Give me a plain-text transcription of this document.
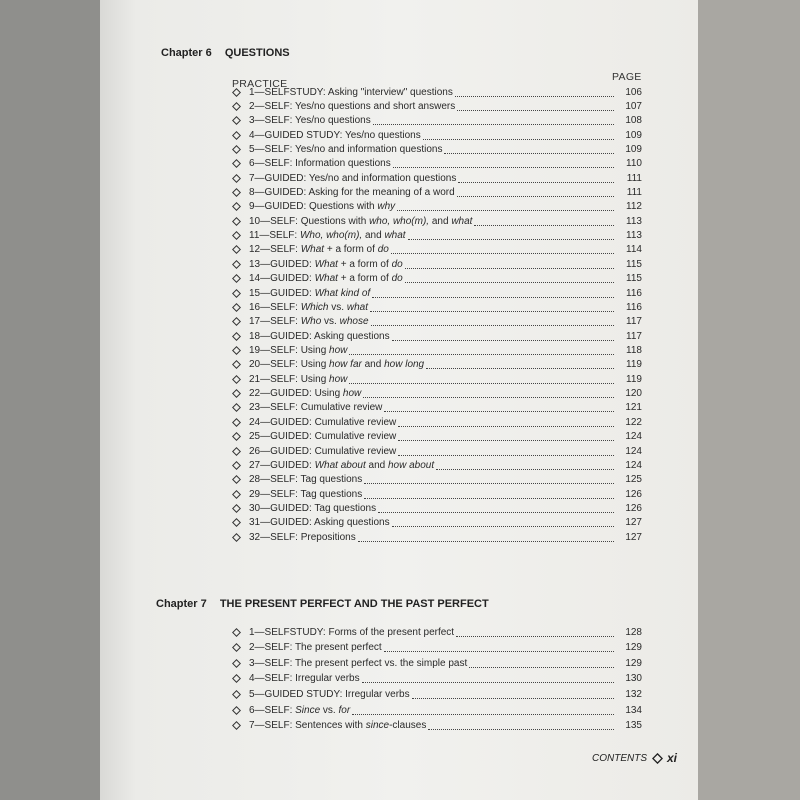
Chapter 6 QUESTIONS
PRACTICE
PAGE
1—SELFSTUDY: Asking "interview" questions	106
2—SELF: Yes/no questions and short answers	107
3—SELF: Yes/no questions	108
4—GUIDED STUDY: Yes/no questions	109
5—SELF: Yes/no and information questions	109
6—SELF: Information questions	110
7—GUIDED: Yes/no and information questions	111
8—GUIDED: Asking for the meaning of a word	111
9—GUIDED: Questions with why	112
10—SELF: Questions with who, who(m), and what	113
11—SELF: Who, who(m), and what	113
12—SELF: What + a form of do	114
13—GUIDED: What + a form of do	115
14—GUIDED: What + a form of do	115
15—GUIDED: What kind of	116
16—SELF: Which vs. what	116
17—SELF: Who vs. whose	117
18—GUIDED: Asking questions	117
19—SELF: Using how	118
20—SELF: Using how far and how long	119
21—SELF: Using how	119
22—GUIDED: Using how	120
23—SELF: Cumulative review	121
24—GUIDED: Cumulative review	122
25—GUIDED: Cumulative review	124
26—GUIDED: Cumulative review	124
27—GUIDED: What about and how about	124
28—SELF: Tag questions	125
29—SELF: Tag questions	126
30—GUIDED: Tag questions	126
31—GUIDED: Asking questions	127
32—SELF: Prepositions	127
Chapter 7 THE PRESENT PERFECT AND THE PAST PERFECT
1—SELFSTUDY: Forms of the present perfect	128
2—SELF: The present perfect	129
3—SELF: The present perfect vs. the simple past	129
4—SELF: Irregular verbs	130
5—GUIDED STUDY: Irregular verbs	132
6—SELF: Since vs. for	134
7—SELF: Sentences with since-clauses	135
CONTENTS xi
